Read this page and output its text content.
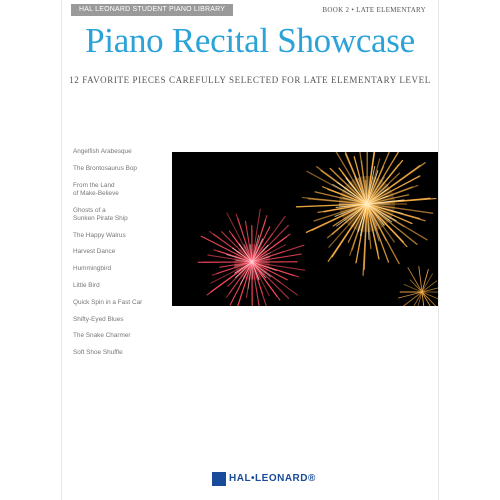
HAL LEONARD STUDENT PIANO LIBRARY	BOOK 2 • LATE ELEMENTARY
Piano Recital Showcase
12 FAVORITE PIECES CAREFULLY SELECTED FOR LATE ELEMENTARY LEVEL
Angelfish Arabesque
The Brontosaurus Bop
From the Land
of Make-Believe
Ghosts of a
Sunken Pirate Ship
The Happy Walrus
Harvest Dance
Hummingbird
Little Bird
Quick Spin in a Fast Car
Shifty-Eyed Blues
The Snake Charmer
Soft Shoe Shuffle
HAL•LEONARD®
